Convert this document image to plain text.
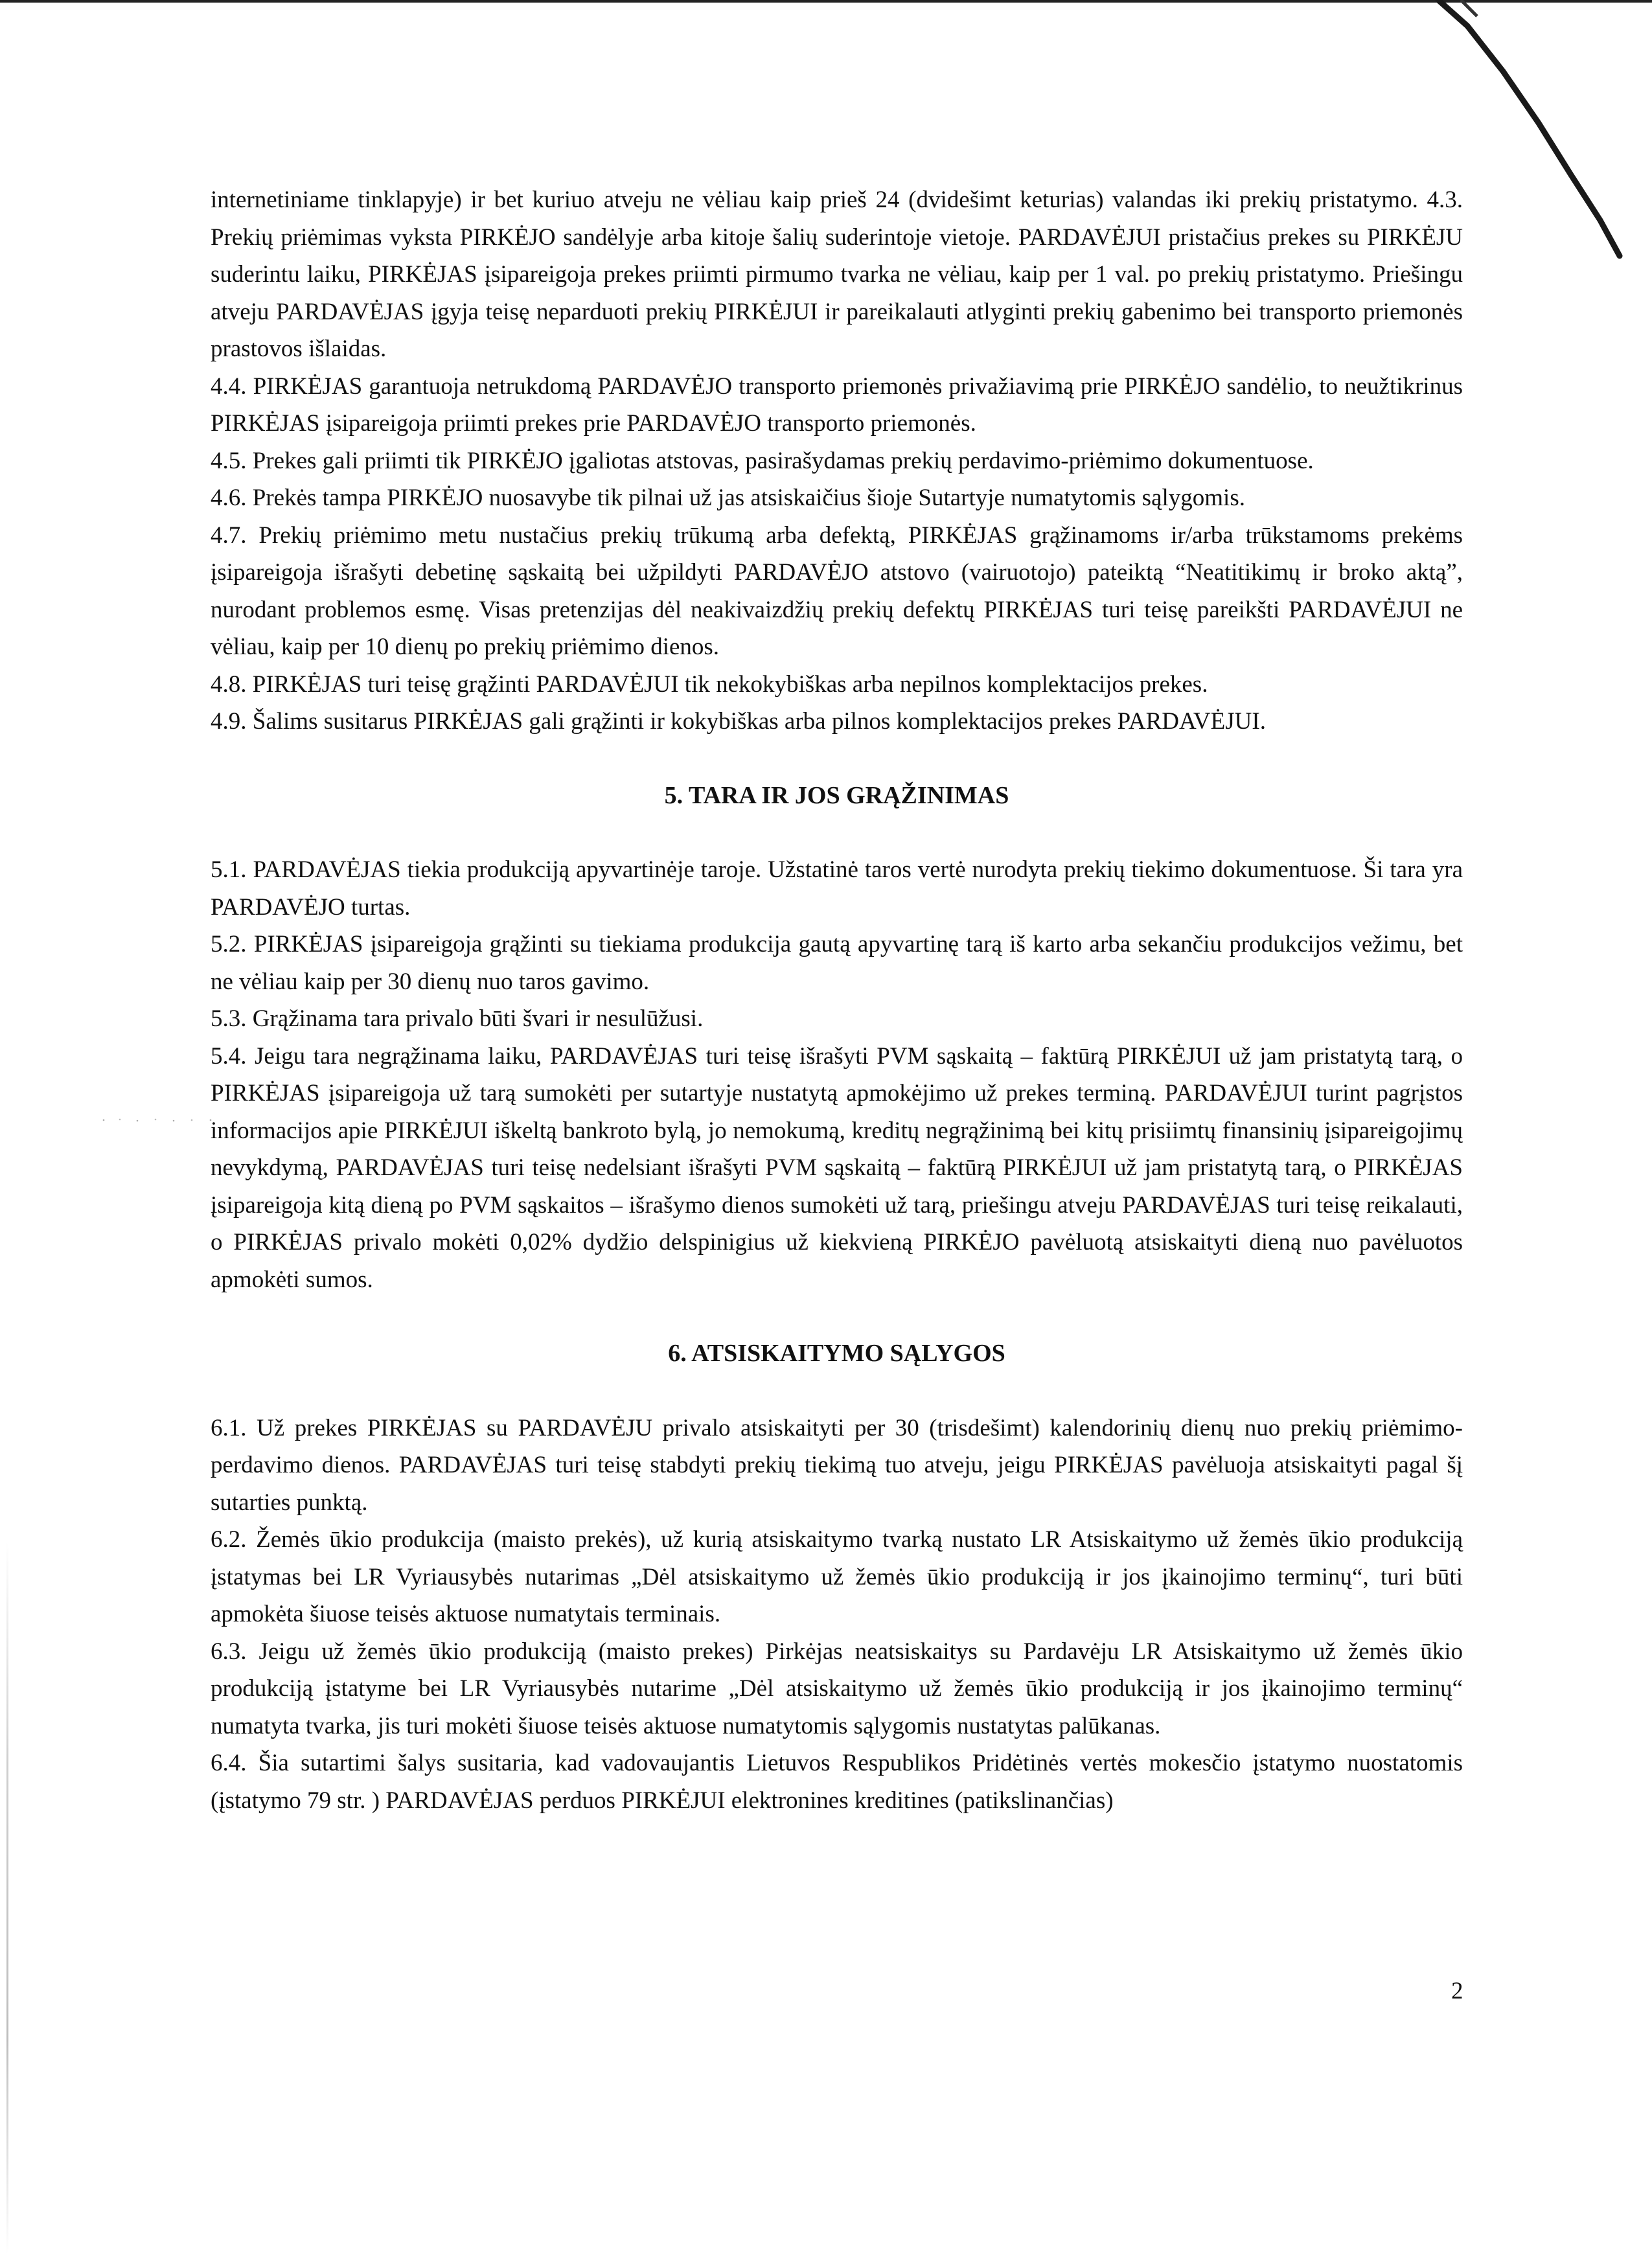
internetiniame tinklapyje) ir bet kuriuo atveju ne vėliau kaip prieš 24 (dvidešimt keturias) valandas iki prekių pristatymo. 4.3. Prekių priėmimas vyksta PIRKĖJO sandėlyje arba kitoje šalių suderintoje vietoje. PARDAVĖJUI pristačius prekes su PIRKĖJU suderintu laiku, PIRKĖJAS įsipareigoja prekes priimti pirmumo tvarka ne vėliau, kaip per 1 val. po prekių pristatymo. Priešingu atveju PARDAVĖJAS įgyja teisę neparduoti prekių PIRKĖJUI ir pareikalauti atlyginti prekių gabenimo bei transporto priemonės prastovos išlaidas.

4.4. PIRKĖJAS garantuoja netrukdomą PARDAVĖJO transporto priemonės privažiavimą prie PIRKĖJO sandėlio, to neužtikrinus PIRKĖJAS įsipareigoja priimti prekes prie PARDAVĖJO transporto priemonės.

4.5. Prekes gali priimti tik PIRKĖJO įgaliotas atstovas, pasirašydamas prekių perdavimo-priėmimo dokumentuose.

4.6. Prekės tampa PIRKĖJO nuosavybe tik pilnai už jas atsiskaičius šioje Sutartyje numatytomis sąlygomis.

4.7. Prekių priėmimo metu nustačius prekių trūkumą arba defektą, PIRKĖJAS grąžinamoms ir/arba trūkstamoms prekėms įsipareigoja išrašyti debetinę sąskaitą bei užpildyti PARDAVĖJO atstovo (vairuotojo) pateiktą “Neatitikimų ir broko aktą”, nurodant problemos esmę. Visas pretenzijas dėl neakivaizdžių prekių defektų PIRKĖJAS turi teisę pareikšti PARDAVĖJUI ne vėliau, kaip per 10 dienų po prekių priėmimo dienos.

4.8. PIRKĖJAS turi teisę grąžinti PARDAVĖJUI tik nekokybiškas arba nepilnos komplektacijos prekes.

4.9. Šalims susitarus PIRKĖJAS gali grąžinti ir kokybiškas arba pilnos komplektacijos prekes PARDAVĖJUI.

5. TARA IR JOS GRĄŽINIMAS

5.1. PARDAVĖJAS tiekia produkciją apyvartinėje taroje. Užstatinė taros vertė nurodyta prekių tiekimo dokumentuose. Ši tara yra PARDAVĖJO turtas.

5.2. PIRKĖJAS įsipareigoja grąžinti su tiekiama produkcija gautą apyvartinę tarą iš karto arba sekančiu produkcijos vežimu, bet ne vėliau kaip per 30 dienų nuo taros gavimo.

5.3. Grąžinama tara privalo būti švari ir nesulūžusi.

5.4. Jeigu tara negrąžinama laiku, PARDAVĖJAS turi teisę išrašyti PVM sąskaitą – faktūrą PIRKĖJUI už jam pristatytą tarą, o PIRKĖJAS įsipareigoja už tarą sumokėti per sutartyje nustatytą apmokėjimo už prekes terminą. PARDAVĖJUI turint pagrįstos informacijos apie PIRKĖJUI iškeltą bankroto bylą, jo nemokumą, kreditų negrąžinimą bei kitų prisiimtų finansinių įsipareigojimų nevykdymą, PARDAVĖJAS turi teisę nedelsiant išrašyti PVM sąskaitą – faktūrą PIRKĖJUI už jam pristatytą tarą, o PIRKĖJAS įsipareigoja kitą dieną po PVM sąskaitos – išrašymo dienos sumokėti už tarą, priešingu atveju PARDAVĖJAS turi teisę reikalauti, o PIRKĖJAS privalo mokėti 0,02% dydžio delspinigius už kiekvieną PIRKĖJO pavėluotą atsiskaityti dieną nuo pavėluotos apmokėti sumos.

6. ATSISKAITYMO SĄLYGOS

6.1. Už prekes PIRKĖJAS su PARDAVĖJU privalo atsiskaityti per 30 (trisdešimt) kalendorinių dienų nuo prekių priėmimo-perdavimo dienos. PARDAVĖJAS turi teisę stabdyti prekių tiekimą tuo atveju, jeigu PIRKĖJAS pavėluoja atsiskaityti pagal šį sutarties punktą.

6.2. Žemės ūkio produkcija (maisto prekės), už kurią atsiskaitymo tvarką nustato LR Atsiskaitymo už žemės ūkio produkciją įstatymas bei LR Vyriausybės nutarimas „Dėl atsiskaitymo už žemės ūkio produkciją ir jos įkainojimo terminų“, turi būti apmokėta šiuose teisės aktuose numatytais terminais.

6.3. Jeigu už žemės ūkio produkciją (maisto prekes) Pirkėjas neatsiskaitys su Pardavėju LR Atsiskaitymo už žemės ūkio produkciją įstatyme bei LR Vyriausybės nutarime „Dėl atsiskaitymo už žemės ūkio produkciją ir jos įkainojimo terminų“ numatyta tvarka, jis turi mokėti šiuose teisės aktuose numatytomis sąlygomis nustatytas palūkanas.

6.4. Šia sutartimi šalys susitaria, kad vadovaujantis Lietuvos Respublikos Pridėtinės vertės mokesčio įstatymo nuostatomis (įstatymo 79 str. ) PARDAVĖJAS perduos PIRKĖJUI elektronines kreditines (patikslinančias)

2
